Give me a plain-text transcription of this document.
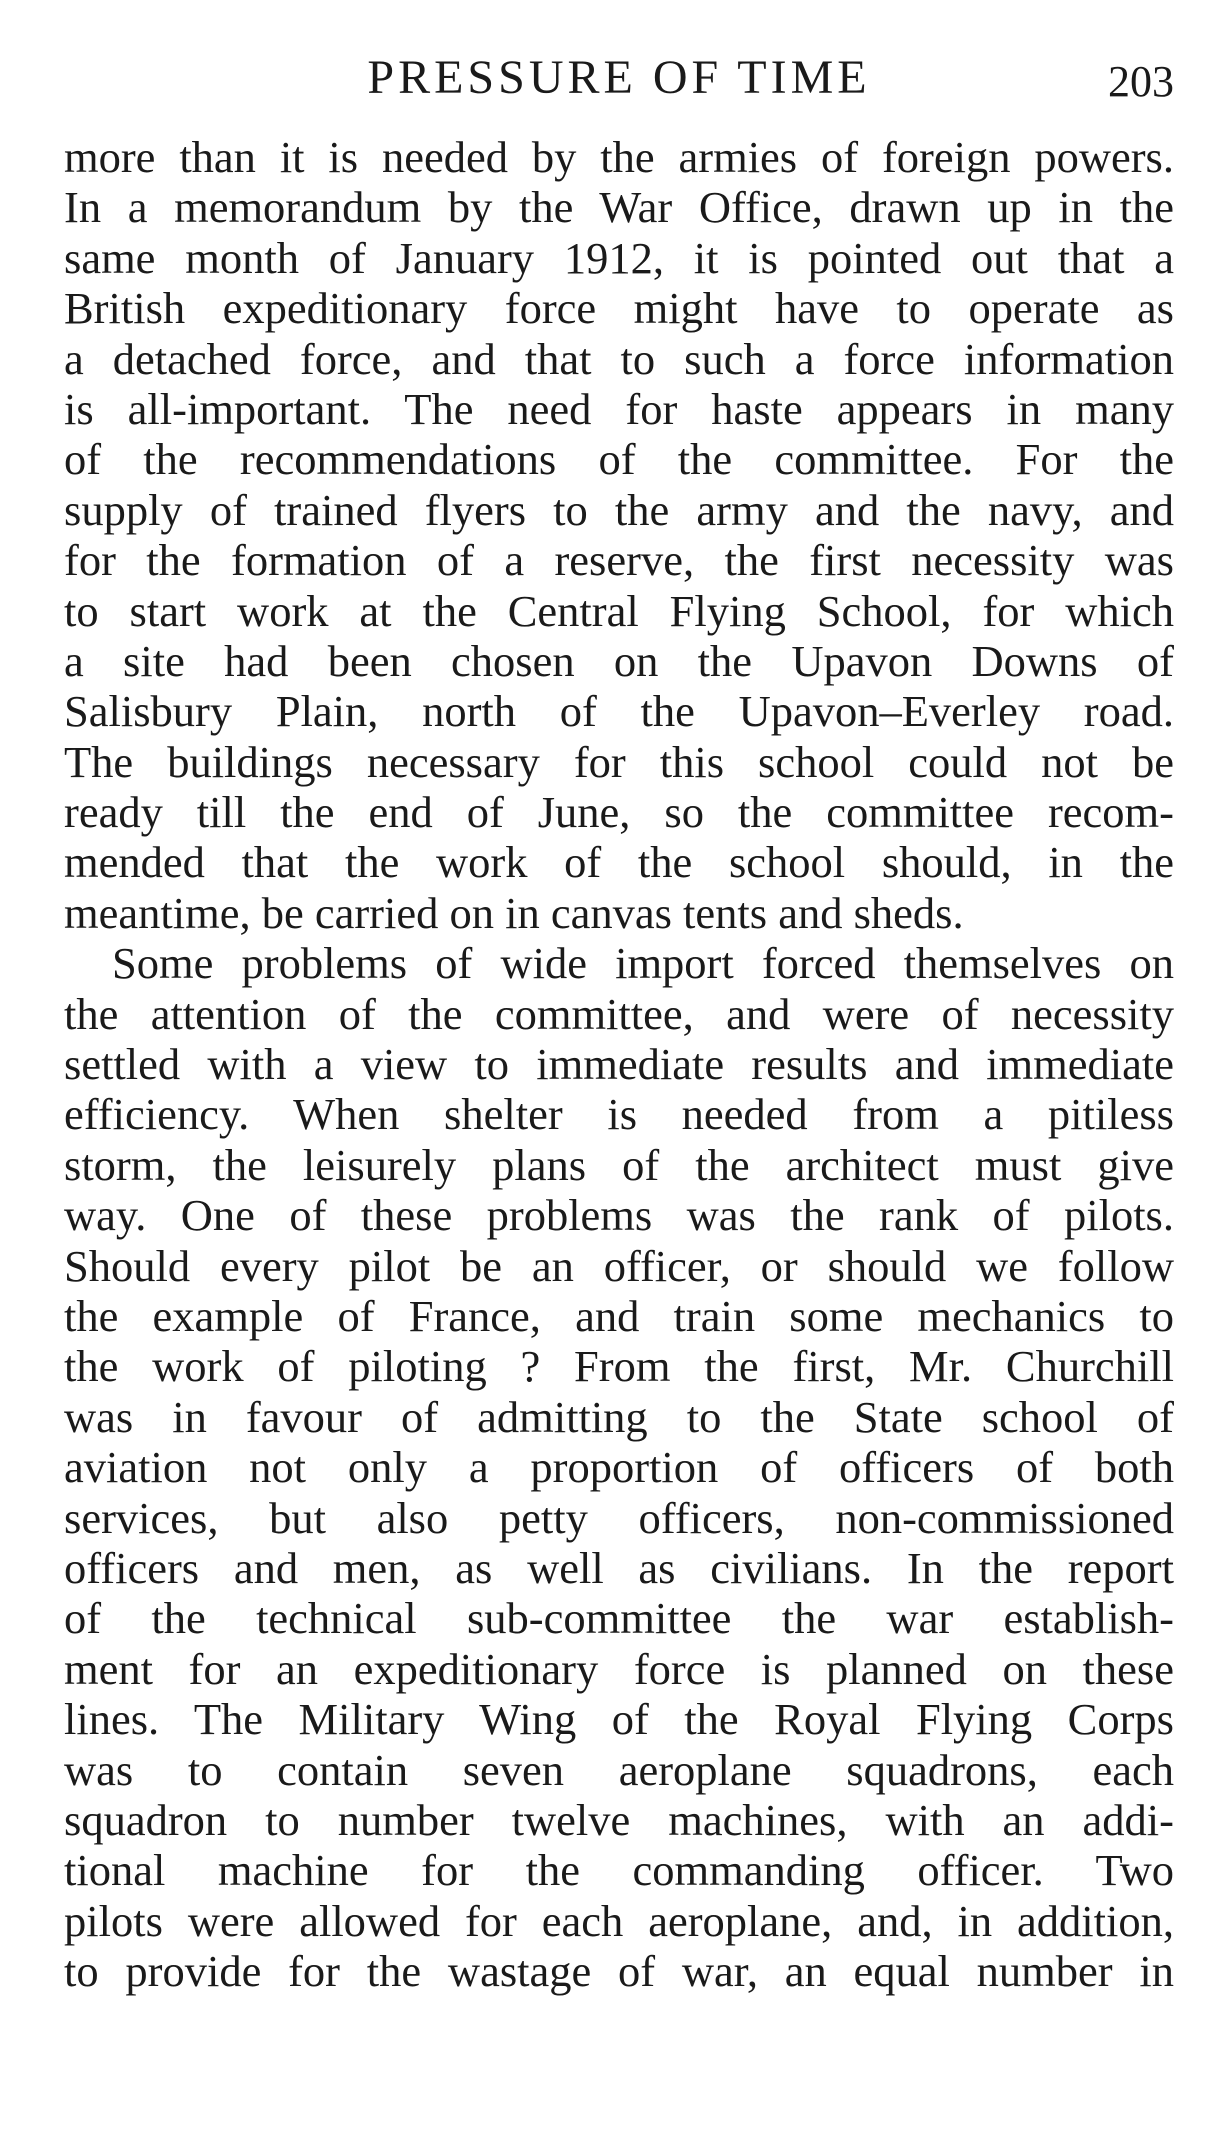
PRESSURE OF TIME	203
more than it is needed by the armies of foreign powers.
In a memorandum by the War Office, drawn up in the
same month of January 1912, it is pointed out that a
British expeditionary force might have to operate as
a detached force, and that to such a force information
is all-important. The need for haste appears in many
of the recommendations of the committee. For the
supply of trained flyers to the army and the navy, and
for the formation of a reserve, the first necessity was
to start work at the Central Flying School, for which
a site had been chosen on the Upavon Downs of
Salisbury Plain, north of the Upavon–Everley road.
The buildings necessary for this school could not be
ready till the end of June, so the committee recom-
mended that the work of the school should, in the
meantime, be carried on in canvas tents and sheds.
Some problems of wide import forced themselves on
the attention of the committee, and were of necessity
settled with a view to immediate results and immediate
efficiency. When shelter is needed from a pitiless
storm, the leisurely plans of the architect must give
way. One of these problems was the rank of pilots.
Should every pilot be an officer, or should we follow
the example of France, and train some mechanics to
the work of piloting ? From the first, Mr. Churchill
was in favour of admitting to the State school of
aviation not only a proportion of officers of both
services, but also petty officers, non-commissioned
officers and men, as well as civilians. In the report
of the technical sub-committee the war establish-
ment for an expeditionary force is planned on these
lines. The Military Wing of the Royal Flying Corps
was to contain seven aeroplane squadrons, each
squadron to number twelve machines, with an addi-
tional machine for the commanding officer. Two
pilots were allowed for each aeroplane, and, in addition,
to provide for the wastage of war, an equal number in
